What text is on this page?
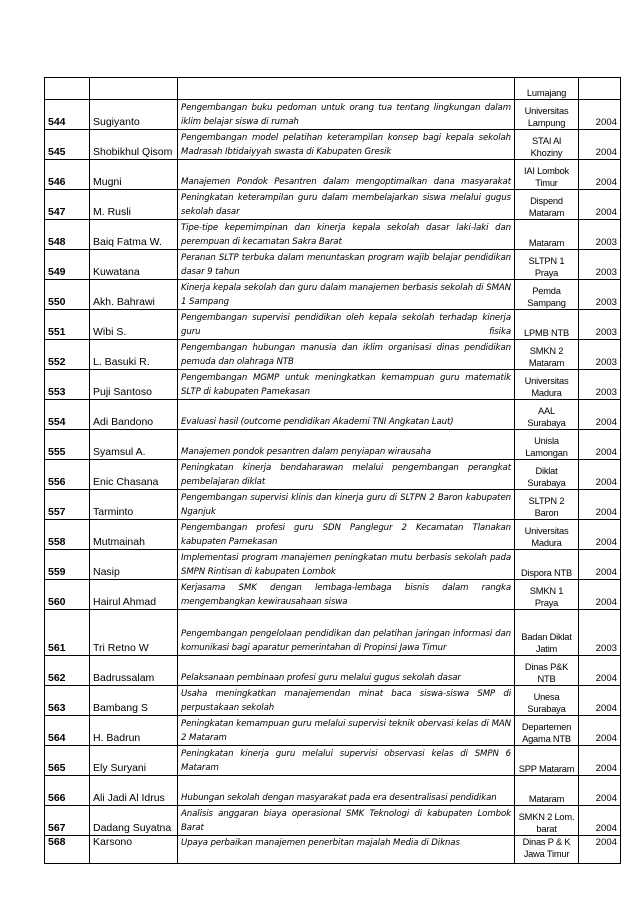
			Lumajang	
544	Sugiyanto	Pengembangan buku pedoman untuk orang tua tentang lingkungan dalam iklim belajar siswa di rumah	Universitas Lampung	2004
545	Shobikhul Qisom	Pengembangan model pelatihan keterampilan konsep bagi kepala sekolah Madrasah Ibtidaiyyah swasta di Kabupaten Gresik	STAI Al Khoziny	2004
546	Mugni	Manajemen Pondok Pesantren dalam mengoptimalkan dana masyarakat	IAI Lombok Timur	2004
547	M. Rusli	Peningkatan keterampilan guru dalam membelajarkan siswa melalui gugus sekolah dasar	Dispend Mataram	2004
548	Baiq Fatma W.	Tipe-tipe kepemimpinan dan kinerja kepala sekolah dasar laki-laki dan perempuan di kecamatan Sakra Barat	Mataram	2003
549	Kuwatana	Peranan SLTP terbuka dalam menuntaskan program wajib belajar pendidikan dasar 9 tahun	SLTPN 1 Praya	2003
550	Akh. Bahrawi	Kinerja kepala sekolah dan guru dalam manajemen berbasis sekolah di SMAN 1 Sampang	Pemda Sampang	2003
551	Wibi S.	Pengembangan supervisi pendidikan oleh kepala sekolah terhadap kinerja guru fisika	LPMB NTB	2003
552	L. Basuki R.	Pengembangan hubungan manusia dan iklim organisasi dinas pendidikan pemuda dan olahraga NTB	SMKN 2 Mataram	2003
553	Puji Santoso	Pengembangan MGMP untuk meningkatkan kemampuan guru matematik SLTP di kabupaten Pamekasan	Universitas Madura	2003
554	Adi Bandono	Evaluasi hasil (outcome pendidikan Akademi TNI Angkatan Laut)	AAL Surabaya	2004
555	Syamsul A.	Manajemen pondok pesantren dalam penyiapan wirausaha	Unisla Lamongan	2004
556	Enic Chasana	Peningkatan kinerja bendaharawan melalui pengembangan perangkat pembelajaran diklat	Diklat Surabaya	2004
557	Tarminto	Pengembangan supervisi klinis dan kinerja guru di SLTPN 2 Baron kabupaten Nganjuk	SLTPN 2 Baron	2004
558	Mutmainah	Pengembangan profesi guru SDN Panglegur 2 Kecamatan Tlanakan kabupaten Pamekasan	Universitas Madura	2004
559	Nasip	Implementasi program manajemen peningkatan mutu berbasis sekolah pada SMPN Rintisan di kabupaten Lombok	Dispora NTB	2004
560	Hairul Ahmad	Kerjasama SMK dengan lembaga-lembaga bisnis dalam rangka mengembangkan kewirausahaan siswa	SMKN 1 Praya	2004
561	Tri Retno W	Pengembangan pengelolaan pendidikan dan pelatihan jaringan informasi dan komunikasi bagi aparatur pemerintahan di Propinsi Jawa Timur	Badan Diklat Jatim	2003
562	Badrussalam	Pelaksanaan pembinaan profesi guru melalui gugus sekolah dasar	Dinas P&K NTB	2004
563	Bambang S	Usaha meningkatkan manajemendan minat baca siswa-siswa SMP di perpustakaan sekolah	Unesa Surabaya	2004
564	H. Badrun	Peningkatan kemampuan guru melalui supervisi teknik obervasi kelas di MAN 2 Mataram	Departemen Agama NTB	2004
565	Ely Suryani	Peningkatan kinerja guru melalui supervisi observasi kelas di SMPN 6 Mataram	SPP Mataram	2004
566	Ali Jadi Al Idrus	Hubungan sekolah dengan masyarakat pada era desentralisasi pendidikan	Mataram	2004
567	Dadang Suyatna	Analisis anggaran biaya operasional SMK Teknologi di kabupaten Lombok Barat	SMKN 2 Lom. barat	2004
568	Karsono	Upaya perbaikan manajemen penerbitan majalah Media di Diknas	Dinas P & K Jawa Timur	2004
